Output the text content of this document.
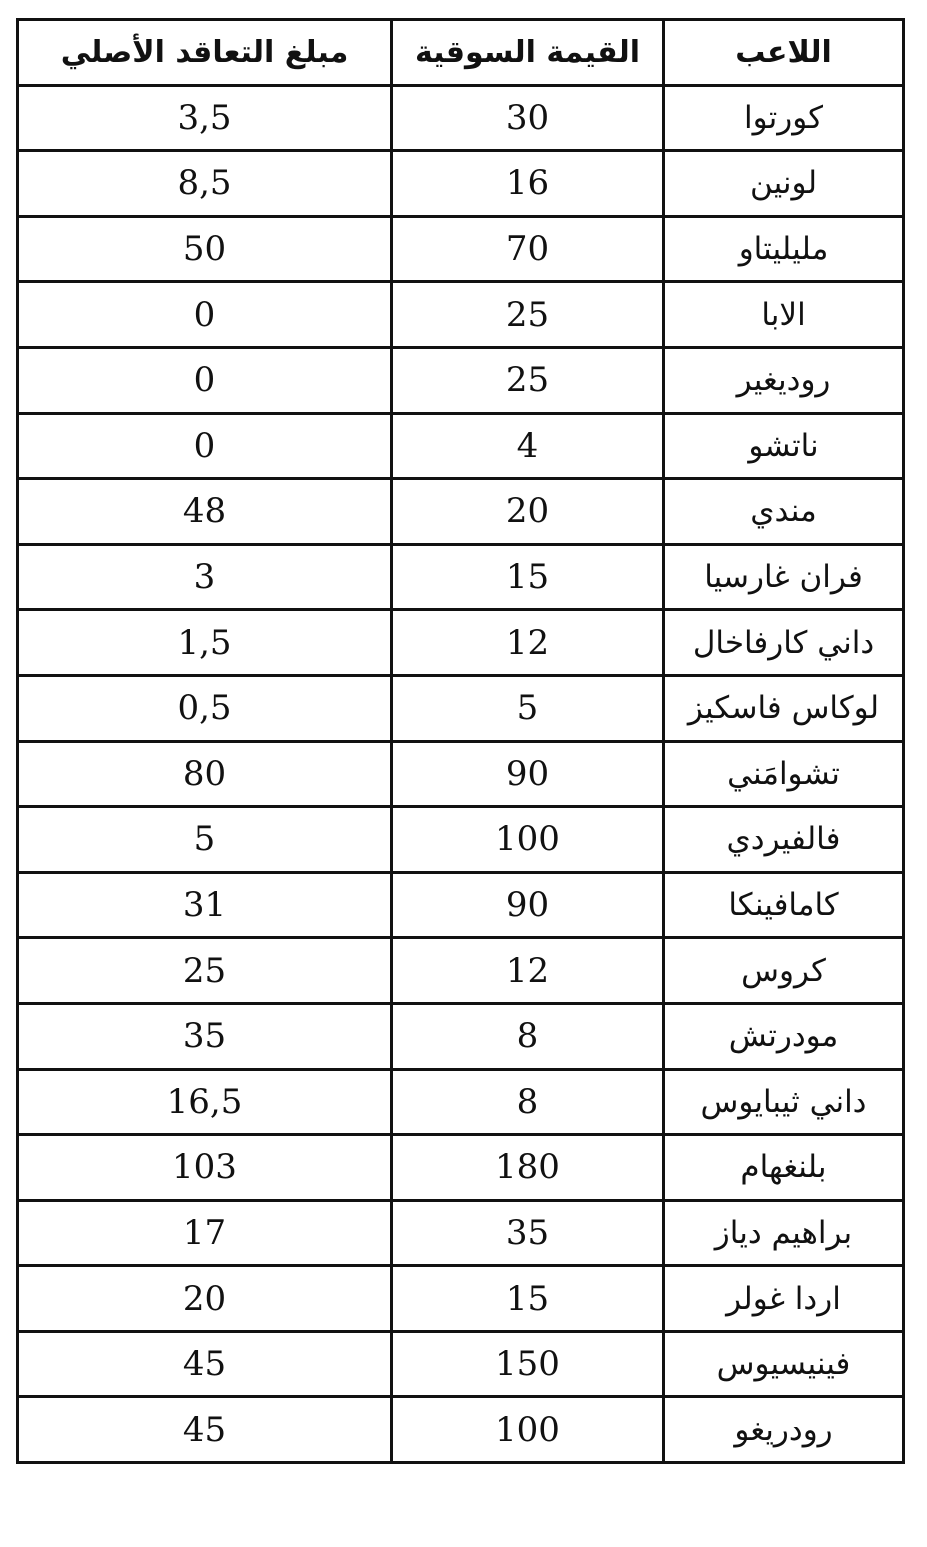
مبلغ التعاقد الأصلي	القيمة السوقية	اللاعب
3,5	30	كورتوا
8,5	16	لونين
50	70	مليليتاو
0	25	الابا
0	25	روديغير
0	4	ناتشو
48	20	مندي
3	15	فران غارسيا
1,5	12	داني كارفاخال
0,5	5	لوكاس فاسكيز
80	90	تشوامَني
5	100	فالفيردي
31	90	كامافينكا
25	12	كروس
35	8	مودرتش
16,5	8	داني ثيبايوس
103	180	بلنغهام
17	35	براهيم دياز
20	15	اردا غولر
45	150	فينيسيوس
45	100	رودريغو
